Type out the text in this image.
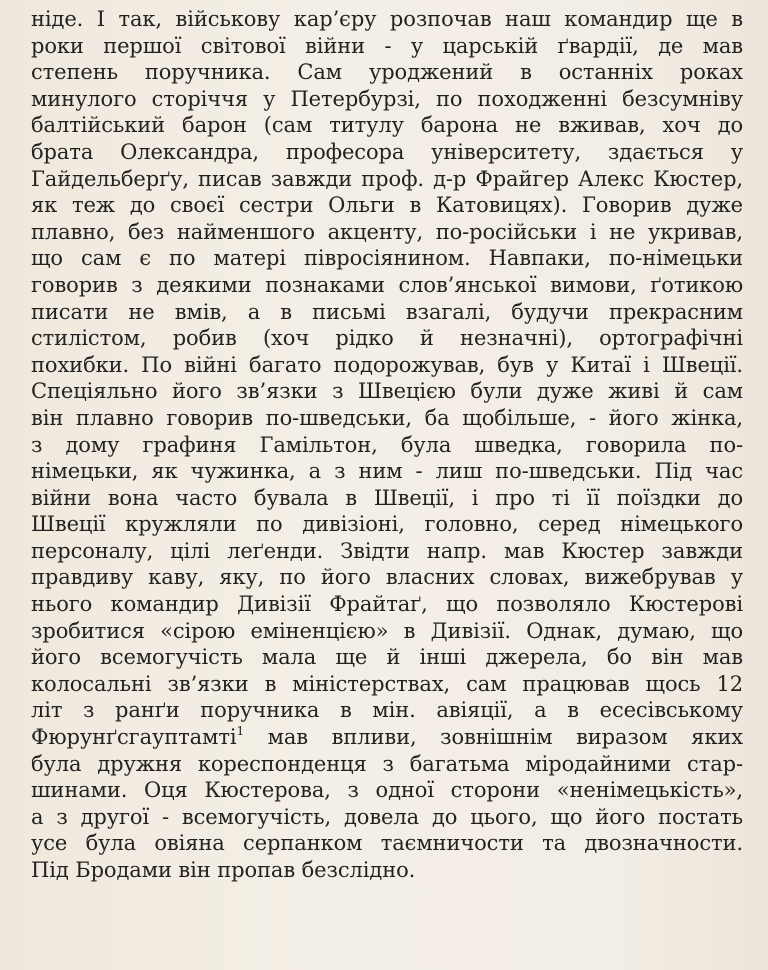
ніде. І так, військову кар’єру розпочав наш командир ще в
роки першої світової війни - у царській ґвардії, де мав
степень поручника. Сам уроджений в останніх роках
минулого сторіччя у Петербурзі, по походженні безсумніву
балтійський барон (сам титулу барона не вживав, хоч до
брата Олександра, професора університету, здається у
Гайдельберґу, писав завжди проф. д-р Фрайгер Алекс Кюстер,
як теж до своєї сестри Ольги в Катовицях). Говорив дуже
плавно, без найменшого акценту, по-російськи і не укривав,
що сам є по матері півросіянином. Навпаки, по-німецьки
говорив з деякими познаками слов’янської вимови, ґотикою
писати не вмів, а в письмі взагалі, будучи прекрасним
стилістом, робив (хоч рідко й незначні), ортографічні
похибки. По війні багато подорожував, був у Китаї і Швеції.
Спеціяльно його зв’язки з Швецією були дуже живі й сам
він плавно говорив по-шведськи, ба щобільше, - його жінка,
з дому графиня Гамільтон, була шведка, говорила по-
німецьки, як чужинка, а з ним - лиш по-шведськи. Під час
війни вона часто бувала в Швеції, і про ті її поїздки до
Швеції кружляли по дивізіоні, головно, серед німецького
персоналу, цілі леґенди. Звідти напр. мав Кюстер завжди
правдиву каву, яку, по його власних словах, вижебрував у
нього командир Дивізії Фрайтаґ, що позволяло Кюстерові
зробитися «сірою еміненцією» в Дивізії. Однак, думаю, що
його всемогучість мала ще й інші джерела, бо він мав
колосальні зв’язки в міністерствах, сам працював щось 12
літ з ранґи поручника в мін. авіяції, а в есесівському
Фюрунґсгауптамті$^1$ мав впливи, зовнішнім виразом яких
була дружня кореспонденця з багатьма міродайними стар-
шинами. Оця Кюстерова, з одної сторони «ненімецькість»,
а з другої - всемогучість, довела до цього, що його постать
усе була овіяна серпанком таємничости та двозначности.
Під Бродами він пропав безслідно.
